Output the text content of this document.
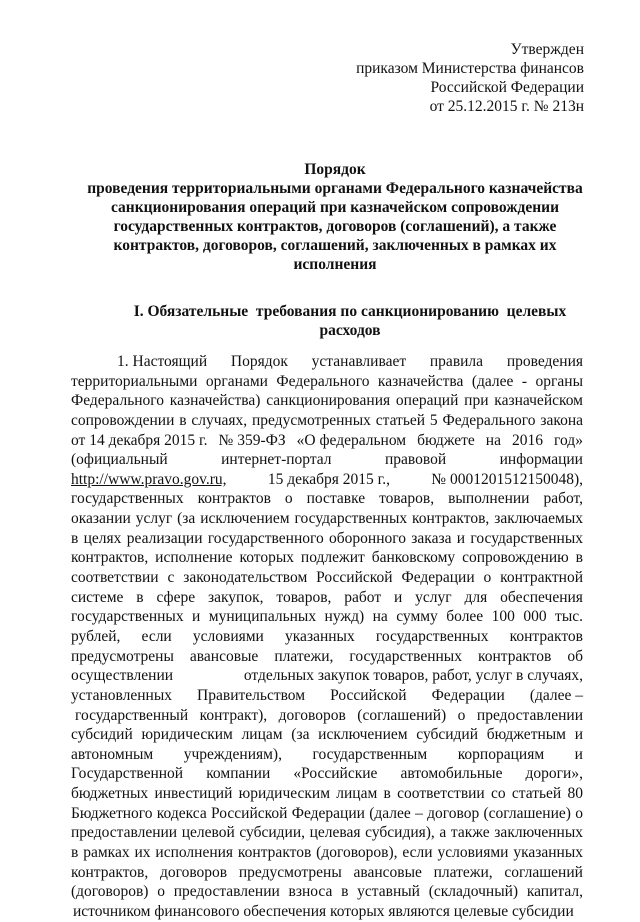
Утвержден
приказом Министерства финансов
Российской Федерации
от 25.12.2015 г. № 213н
Порядок
проведения территориальными органами Федерального казначейства
санкционирования операций при казначейском сопровождении
государственных контрактов, договоров (соглашений), а также
контрактов, договоров, соглашений, заключенных в рамках их
исполнения
I. Обязательные  требования по санкционированию  целевых
расходов
1. Настоящий Порядок устанавливает правила проведения
территориальными органами Федерального казначейства (далее - органы
Федерального казначейства) санкционирования операций при казначейском
сопровождении в случаях, предусмотренных статьей 5 Федерального закона
от 14 декабря 2015 г. № 359-ФЗ «О федеральном бюджете на 2016 год»
(официальный	интернет-портал	правовой	информации
http://www.pravo.gov.ru,	15 декабря 2015 г.,	№ 0001201512150048),
государственных контрактов о поставке товаров, выполнении работ,
оказании услуг (за исключением государственных контрактов, заключаемых
в целях реализации государственного оборонного заказа и государственных
контрактов, исполнение которых подлежит банковскому сопровождению в
соответствии с законодательством Российской Федерации о контрактной
системе в сфере закупок, товаров, работ и услуг для обеспечения
государственных и муниципальных нужд) на сумму более 100 000 тыс.
рублей, если условиями указанных государственных контрактов
предусмотрены авансовые платежи, государственных контрактов об
осуществлении	отдельных закупок товаров, работ, услуг в случаях,
установленных Правительством Российской Федерации (далее –
государственный контракт), договоров (соглашений) о предоставлении
субсидий юридическим лицам (за исключением субсидий бюджетным и
автономным учреждениям), государственным корпорациям и
Государственной компании «Российские автомобильные дороги»,
бюджетных инвестиций юридическим лицам в соответствии со статьей 80
Бюджетного кодекса Российской Федерации (далее – договор (соглашение) о
предоставлении целевой субсидии, целевая субсидия), а также заключенных
в рамках их исполнения контрактов (договоров), если условиями указанных
контрактов, договоров предусмотрены авансовые платежи, соглашений
(договоров) о предоставлении взноса в уставный (складочный) капитал,
источником финансового обеспечения которых являются целевые субсидии
